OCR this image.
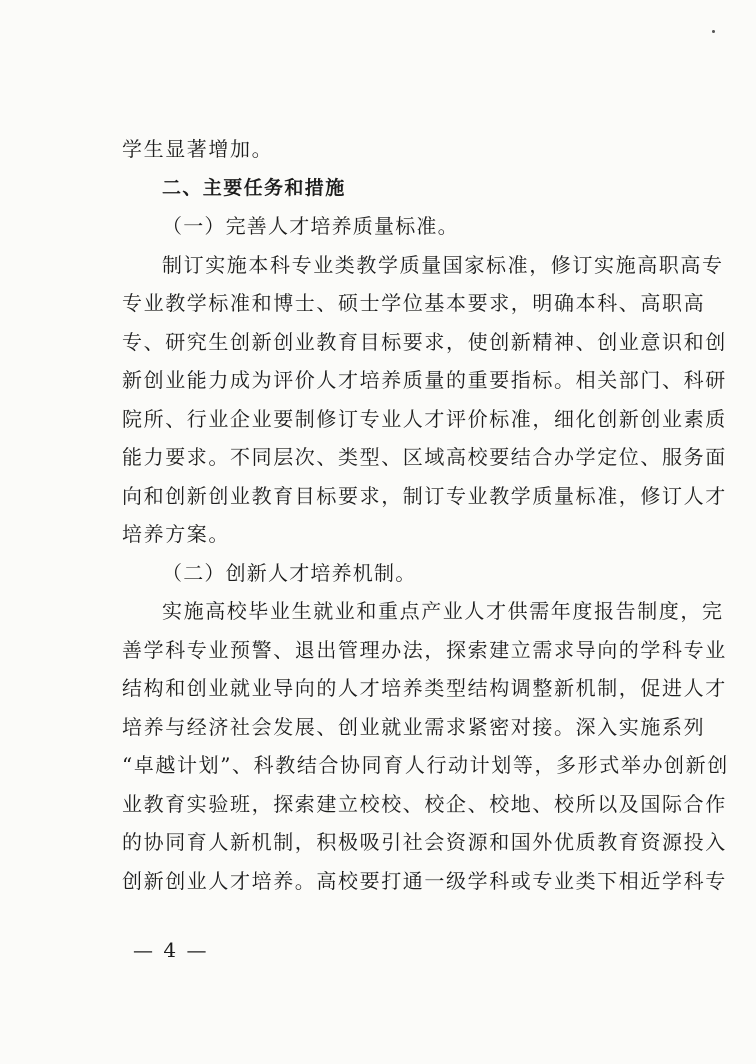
学生显著增加。
二、主要任务和措施
（一）完善人才培养质量标准。
制订实施本科专业类教学质量国家标准，修订实施高职高专
专业教学标准和博士、硕士学位基本要求，明确本科、高职高
专、研究生创新创业教育目标要求，使创新精神、创业意识和创
新创业能力成为评价人才培养质量的重要指标。相关部门、科研
院所、行业企业要制修订专业人才评价标准，细化创新创业素质
能力要求。不同层次、类型、区域高校要结合办学定位、服务面
向和创新创业教育目标要求，制订专业教学质量标准，修订人才
培养方案。
（二）创新人才培养机制。
实施高校毕业生就业和重点产业人才供需年度报告制度，完
善学科专业预警、退出管理办法，探索建立需求导向的学科专业
结构和创业就业导向的人才培养类型结构调整新机制，促进人才
培养与经济社会发展、创业就业需求紧密对接。深入实施系列
“卓越计划”、科教结合协同育人行动计划等，多形式举办创新创
业教育实验班，探索建立校校、校企、校地、校所以及国际合作
的协同育人新机制，积极吸引社会资源和国外优质教育资源投入
创新创业人才培养。高校要打通一级学科或专业类下相近学科专
— 4 —
